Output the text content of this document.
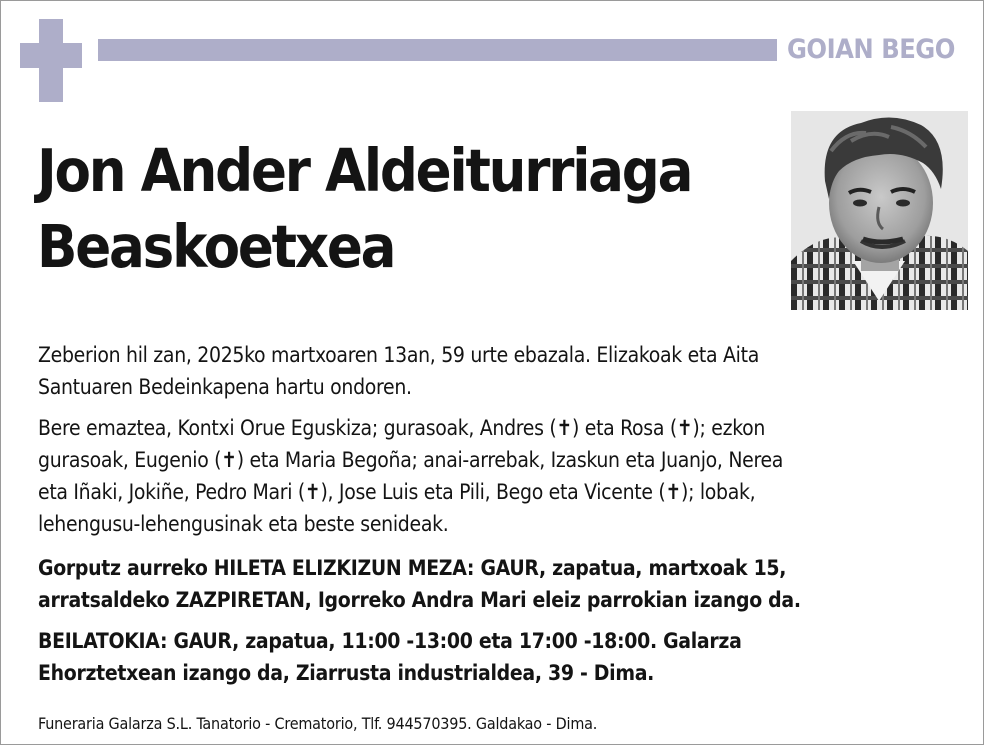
GOIAN BEGO
Jon Ander Aldeiturriaga
Beaskoetxea

Zeberion hil zan, 2025ko martxoaren 13an, 59 urte ebazala. Elizakoak eta Aita
Santuaren Bedeinkapena hartu ondoren.

Bere emaztea, Kontxi Orue Eguskiza; gurasoak, Andres (✝) eta Rosa (✝); ezkon
gurasoak, Eugenio (✝) eta Maria Begoña; anai-arrebak, Izaskun eta Juanjo, Nerea
eta Iñaki, Jokiñe, Pedro Mari (✝), Jose Luis eta Pili, Bego eta Vicente (✝); lobak,
lehengusu-lehengusinak eta beste senideak.

Gorputz aurreko HILETA ELIZKIZUN MEZA: GAUR, zapatua, martxoak 15,
arratsaldeko ZAZPIRETAN, Igorreko Andra Mari eleiz parrokian izango da.

BEILATOKIA: GAUR, zapatua, 11:00 -13:00 eta 17:00 -18:00. Galarza
Ehorztetxean izango da, Ziarrusta industrialdea, 39 - Dima.

Funeraria Galarza S.L. Tanatorio - Crematorio, Tlf. 944570395. Galdakao - Dima.
